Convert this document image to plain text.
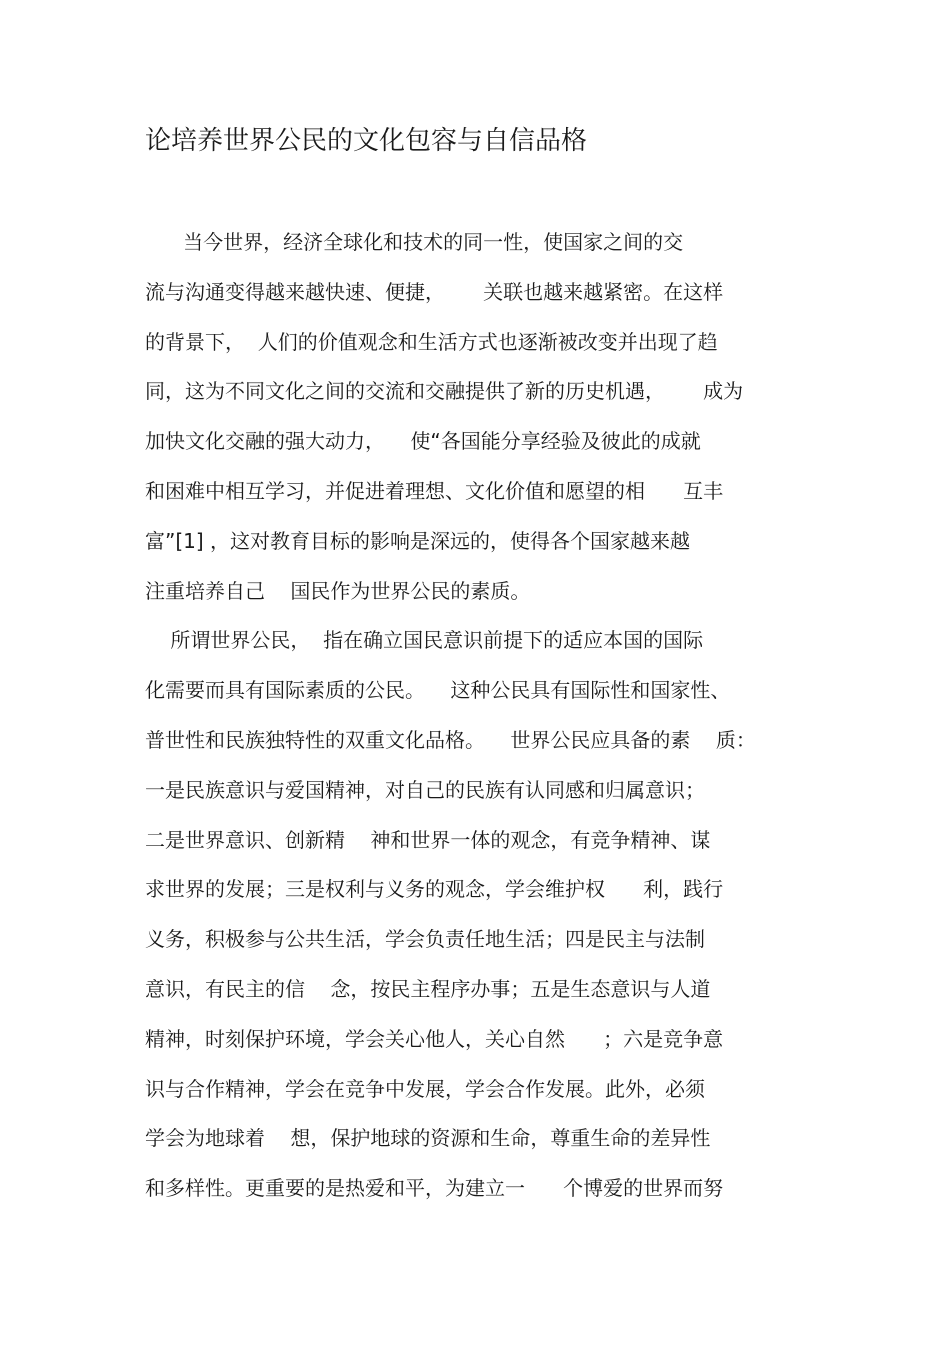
论培养世界公民的文化包容与自信品格
当今世界，经济全球化和技术的同一性，使国家之间的交
流与沟通变得越来越快速、便捷，      关联也越来越紧密。在这样
的背景下，  人们的价值观念和生活方式也逐渐被改变并出现了趋
同，这为不同文化之间的交流和交融提供了新的历史机遇，      成为
加快文化交融的强大动力，    使“各国能分享经验及彼此的成就
和困难中相互学习，并促进着理想、文化价值和愿望的相      互丰
富”[1] ，这对教育目标的影响是深远的，使得各个国家越来越
注重培养自己    国民作为世界公民的素质。
所谓世界公民，  指在确立国民意识前提下的适应本国的国际
化需要而具有国际素质的公民。    这种公民具有国际性和国家性、
普世性和民族独特性的双重文化品格。    世界公民应具备的素    质：
一是民族意识与爱国精神，对自己的民族有认同感和归属意识；
二是世界意识、创新精    神和世界一体的观念，有竞争精神、谋
求世界的发展；三是权利与义务的观念，学会维护权      利，践行
义务，积极参与公共生活，学会负责任地生活；四是民主与法制
意识，有民主的信    念，按民主程序办事；五是生态意识与人道
精神，时刻保护环境，学会关心他人，关心自然      ；六是竞争意
识与合作精神，学会在竞争中发展，学会合作发展。此外，必须
学会为地球着    想，保护地球的资源和生命，尊重生命的差异性
和多样性。更重要的是热爱和平，为建立一      个博爱的世界而努
